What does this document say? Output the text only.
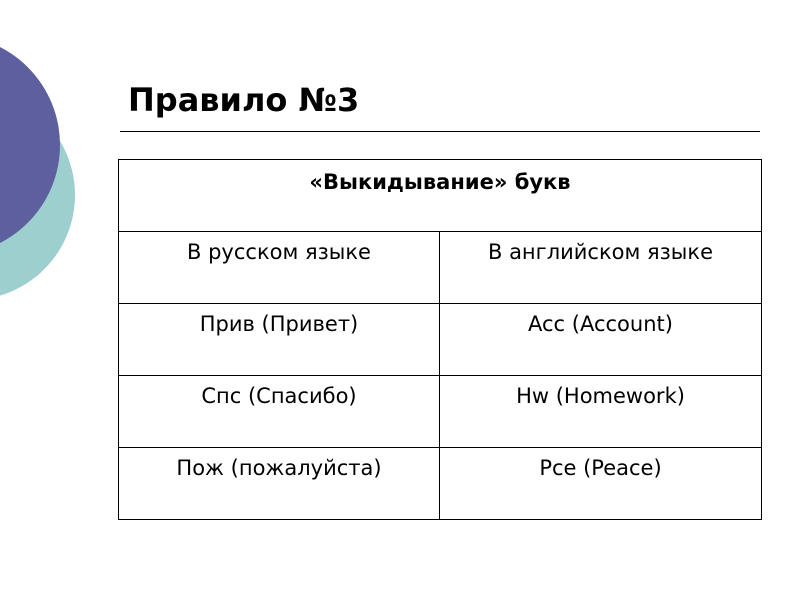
Правило №3
«Выкидывание» букв	
В русском языке	В английском языке
Прив (Привет)	Acc (Account)
Спс (Спасибо)	Hw (Homework)
Пож (пожалуйста)	Pce (Peace)
